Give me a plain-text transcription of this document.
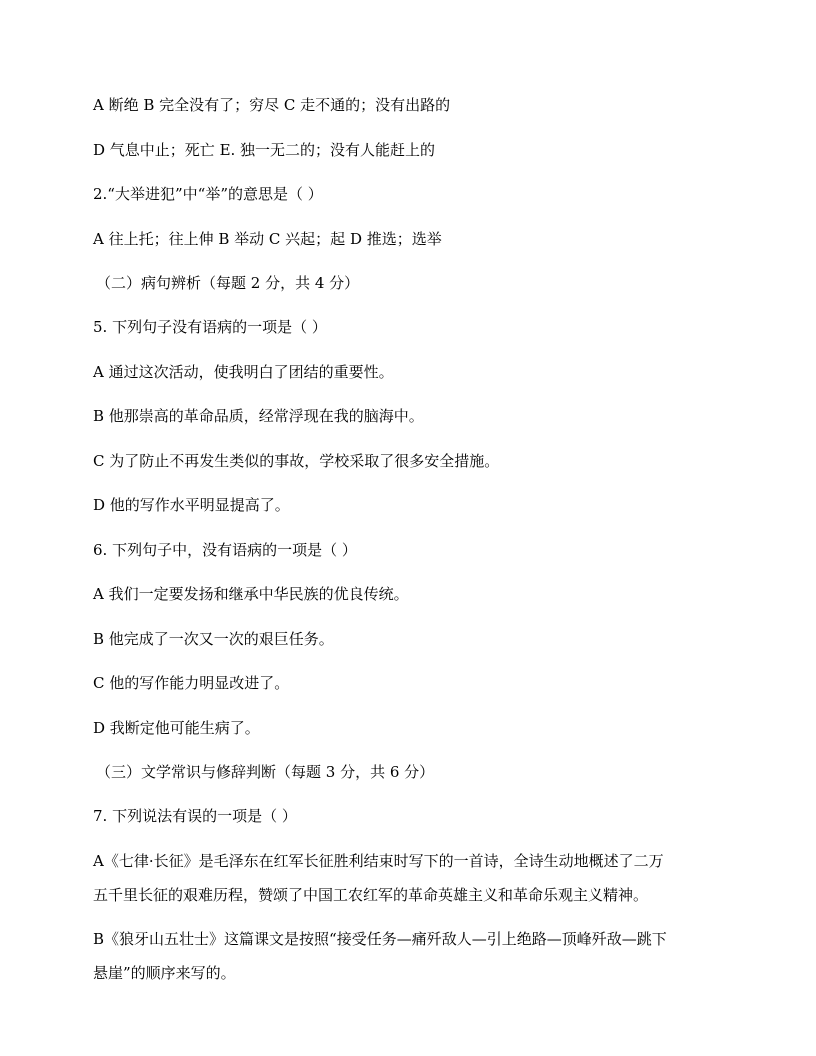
A 断绝 B 完全没有了；穷尽 C 走不通的；没有出路的
D 气息中止；死亡 E. 独一无二的；没有人能赶上的
2.“大举进犯”中“举”的意思是（ ）
A 往上托；往上伸 B 举动 C 兴起；起 D 推选；选举
（二）病句辨析（每题 2 分，共 4 分）
5. 下列句子没有语病的一项是（ ）
A 通过这次活动，使我明白了团结的重要性。
B 他那崇高的革命品质，经常浮现在我的脑海中。
C 为了防止不再发生类似的事故，学校采取了很多安全措施。
D 他的写作水平明显提高了。
6. 下列句子中，没有语病的一项是（ ）
A 我们一定要发扬和继承中华民族的优良传统。
B 他完成了一次又一次的艰巨任务。
C 他的写作能力明显改进了。
D 我断定他可能生病了。
（三）文学常识与修辞判断（每题 3 分，共 6 分）
7. 下列说法有误的一项是（ ）
A《七律·长征》是毛泽东在红军长征胜利结束时写下的一首诗，全诗生动地概述了二万
五千里长征的艰难历程，赞颂了中国工农红军的革命英雄主义和革命乐观主义精神。
B《狼牙山五壮士》这篇课文是按照“接受任务—痛歼敌人—引上绝路—顶峰歼敌—跳下
悬崖”的顺序来写的。
